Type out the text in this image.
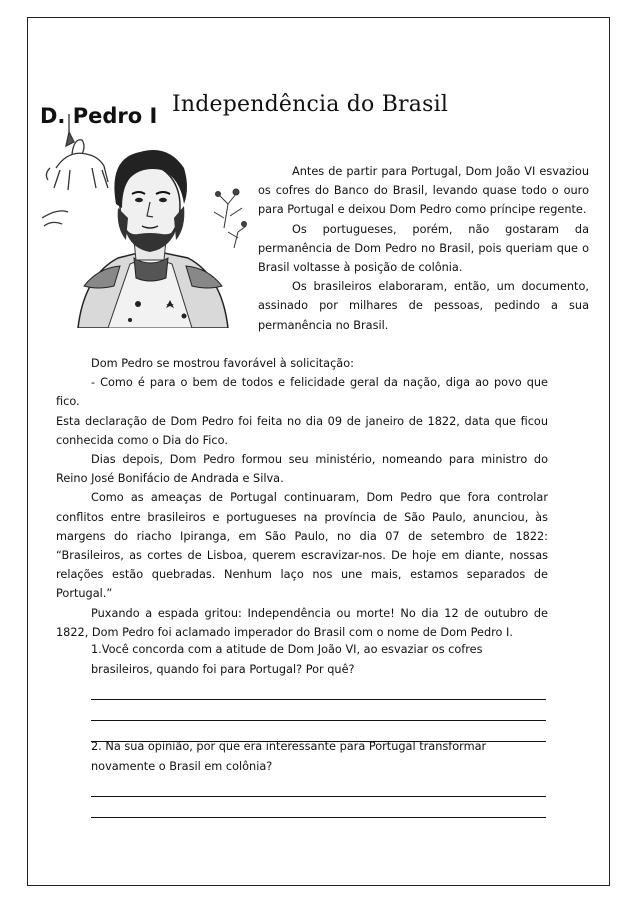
D. Pedro I Independência do Brasil

Antes de partir para Portugal, Dom João VI esvaziou os cofres do Banco do Brasil, levando quase todo o ouro para Portugal e deixou Dom Pedro como príncipe regente.

Os portugueses, porém, não gostaram da permanência de Dom Pedro no Brasil, pois queriam que o Brasil voltasse à posição de colônia.

Os brasileiros elaboraram, então, um documento, assinado por milhares de pessoas, pedindo a sua permanência no Brasil.

Dom Pedro se mostrou favorável à solicitação:

- Como é para o bem de todos e felicidade geral da nação, diga ao povo que fico.

Esta declaração de Dom Pedro foi feita no dia 09 de janeiro de 1822, data que ficou conhecida como o Dia do Fico.

Dias depois, Dom Pedro formou seu ministério, nomeando para ministro do Reino José Bonifácio de Andrada e Silva.

Como as ameaças de Portugal continuaram, Dom Pedro que fora controlar conflitos entre brasileiros e portugueses na província de São Paulo, anunciou, às margens do riacho Ipiranga, em São Paulo, no dia 07 de setembro de 1822: “Brasileiros, as cortes de Lisboa, querem escravizar-nos. De hoje em diante, nossas relações estão quebradas. Nenhum laço nos une mais, estamos separados de Portugal.”

Puxando a espada gritou: Independência ou morte! No dia 12 de outubro de 1822, Dom Pedro foi aclamado imperador do Brasil com o nome de Dom Pedro I.

1.Você concorda com a atitude de Dom João VI, ao esvaziar os cofres brasileiros, quando foi para Portugal? Por quê?

2. Na sua opinião, por que era interessante para Portugal transformar novamente o Brasil em colônia?
